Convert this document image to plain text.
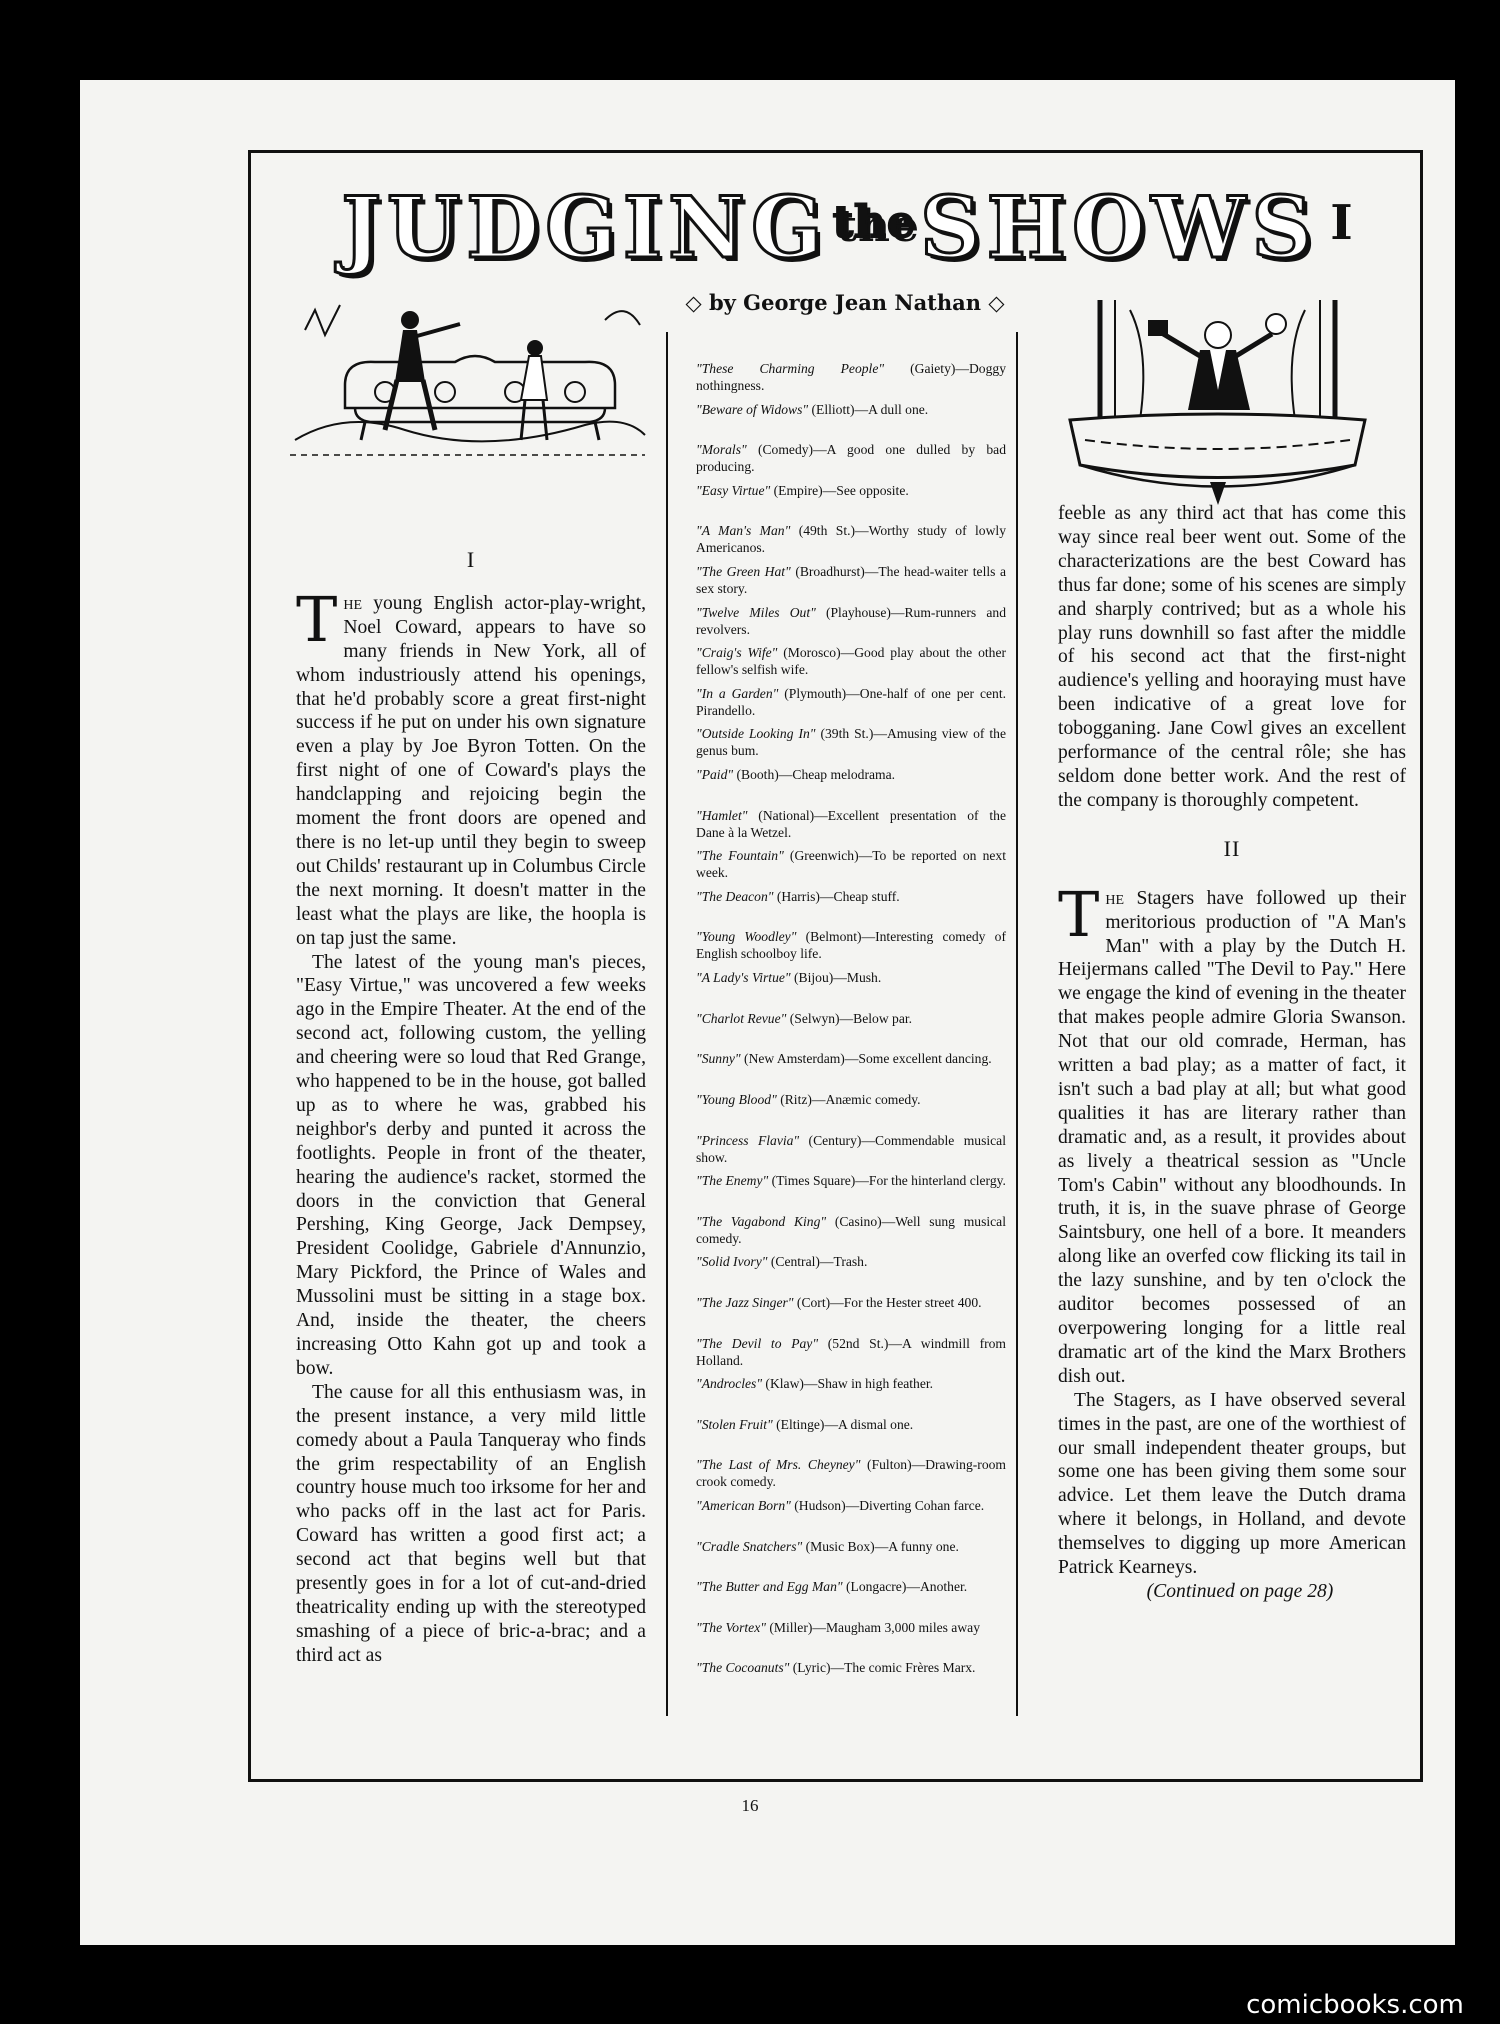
JUDGING the SHOWS I
◇ by George Jean Nathan ◇
I

The young English actor-play-wright, Noel Coward, appears to have so many friends in New York, all of whom industriously attend his openings, that he'd probably score a great first-night success if he put on under his own signature even a play by Joe Byron Totten. On the first night of one of Coward's plays the handclapping and rejoicing begin the moment the front doors are opened and there is no let-up until they begin to sweep out Childs' restaurant up in Columbus Circle the next morning. It doesn't matter in the least what the plays are like, the hoopla is on tap just the same.

The latest of the young man's pieces, "Easy Virtue," was uncovered a few weeks ago in the Empire Theater. At the end of the second act, following custom, the yelling and cheering were so loud that Red Grange, who happened to be in the house, got balled up as to where he was, grabbed his neighbor's derby and punted it across the footlights. People in front of the theater, hearing the audience's racket, stormed the doors in the conviction that General Pershing, King George, Jack Dempsey, President Coolidge, Gabriele d'Annunzio, Mary Pickford, the Prince of Wales and Mussolini must be sitting in a stage box. And, inside the theater, the cheers increasing Otto Kahn got up and took a bow.

The cause for all this enthusiasm was, in the present instance, a very mild little comedy about a Paula Tanqueray who finds the grim respectability of an English country house much too irksome for her and who packs off in the last act for Paris. Coward has written a good first act; a second act that begins well but that presently goes in for a lot of cut-and-dried theatricality ending up with the stereotyped smashing of a piece of bric-a-brac; and a third act as

"These Charming People" (Gaiety)—Doggy nothingness.
"Beware of Widows" (Elliott)—A dull one.
"Morals" (Comedy)—A good one dulled by bad producing.
"Easy Virtue" (Empire)—See opposite.
"A Man's Man" (49th St.)—Worthy study of lowly Americanos.
"The Green Hat" (Broadhurst)—The head-waiter tells a sex story.
"Twelve Miles Out" (Playhouse)—Rum-runners and revolvers.
"Craig's Wife" (Morosco)—Good play about the other fellow's selfish wife.
"In a Garden" (Plymouth)—One-half of one per cent. Pirandello.
"Outside Looking In" (39th St.)—Amusing view of the genus bum.
"Paid" (Booth)—Cheap melodrama.
"Hamlet" (National)—Excellent presentation of the Dane à la Wetzel.
"The Fountain" (Greenwich)—To be reported on next week.
"The Deacon" (Harris)—Cheap stuff.
"Young Woodley" (Belmont)—Interesting comedy of English schoolboy life.
"A Lady's Virtue" (Bijou)—Mush.
"Charlot Revue" (Selwyn)—Below par.
"Sunny" (New Amsterdam)—Some excellent dancing.
"Young Blood" (Ritz)—Anæmic comedy.
"Princess Flavia" (Century)—Commendable musical show.
"The Enemy" (Times Square)—For the hinterland clergy.
"The Vagabond King" (Casino)—Well sung musical comedy.
"Solid Ivory" (Central)—Trash.
"The Jazz Singer" (Cort)—For the Hester street 400.
"The Devil to Pay" (52nd St.)—A windmill from Holland.
"Androcles" (Klaw)—Shaw in high feather.
"Stolen Fruit" (Eltinge)—A dismal one.
"The Last of Mrs. Cheyney" (Fulton)—Drawing-room crook comedy.
"American Born" (Hudson)—Diverting Cohan farce.
"Cradle Snatchers" (Music Box)—A funny one.
"The Butter and Egg Man" (Longacre)—Another.
"The Vortex" (Miller)—Maugham 3,000 miles away
"The Cocoanuts" (Lyric)—The comic Frères Marx.

feeble as any third act that has come this way since real beer went out. Some of the characterizations are the best Coward has thus far done; some of his scenes are simply and sharply contrived; but as a whole his play runs downhill so fast after the middle of his second act that the first-night audience's yelling and hooraying must have been indicative of a great love for tobogganing. Jane Cowl gives an excellent performance of the central rôle; she has seldom done better work. And the rest of the company is thoroughly competent.

II

The Stagers have followed up their meritorious production of "A Man's Man" with a play by the Dutch H. Heijermans called "The Devil to Pay." Here we engage the kind of evening in the theater that makes people admire Gloria Swanson. Not that our old comrade, Herman, has written a bad play; as a matter of fact, it isn't such a bad play at all; but what good qualities it has are literary rather than dramatic and, as a result, it provides about as lively a theatrical session as "Uncle Tom's Cabin" without any bloodhounds. In truth, it is, in the suave phrase of George Saintsbury, one hell of a bore. It meanders along like an overfed cow flicking its tail in the lazy sunshine, and by ten o'clock the auditor becomes possessed of an overpowering longing for a little real dramatic art of the kind the Marx Brothers dish out.

The Stagers, as I have observed several times in the past, are one of the worthiest of our small independent theater groups, but some one has been giving them some sour advice. Let them leave the Dutch drama where it belongs, in Holland, and devote themselves to digging up more American Patrick Kearneys.

(Continued on page 28)

16
comicbooks.com
